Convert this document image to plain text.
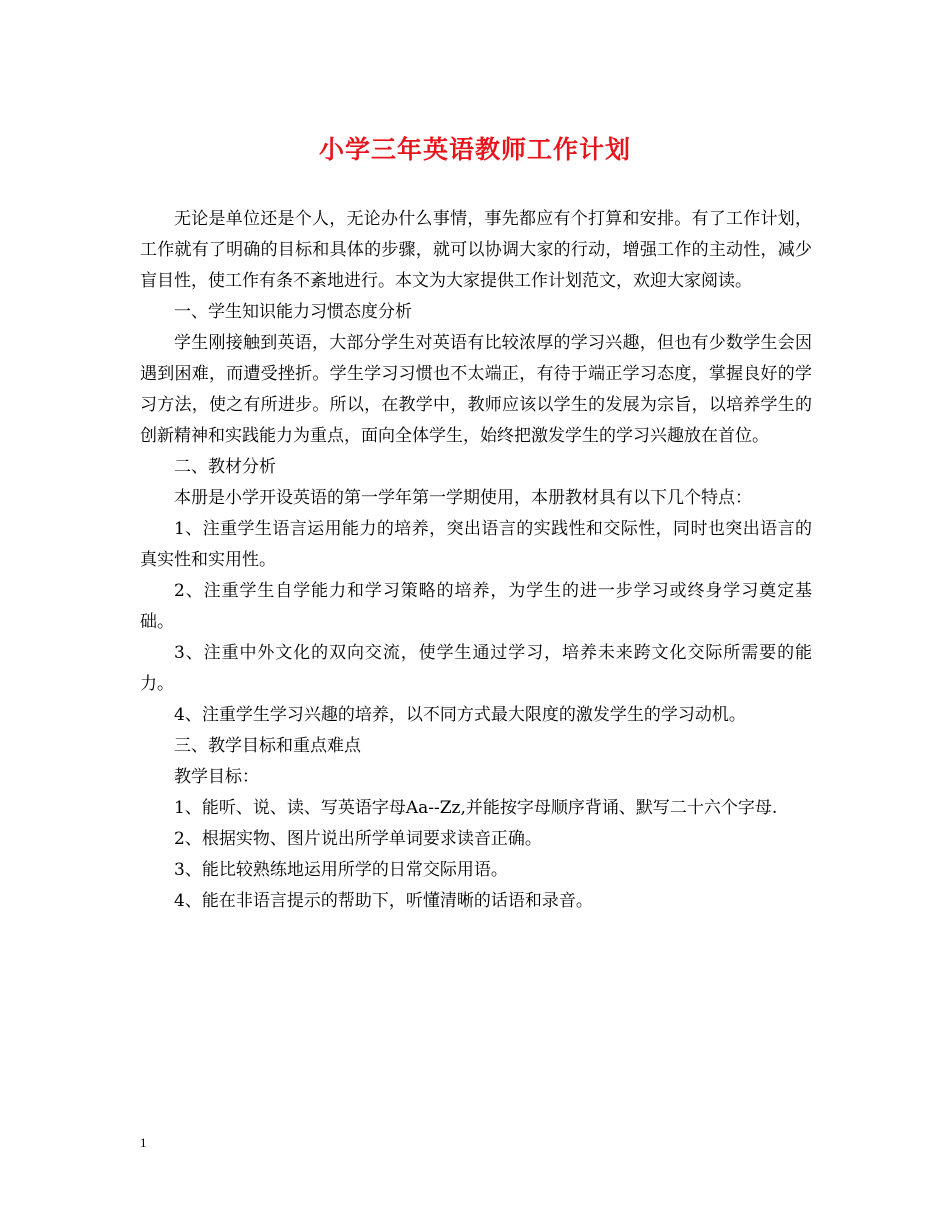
小学三年英语教师工作计划

无论是单位还是个人，无论办什么事情，事先都应有个打算和安排。有了工作计划，工作就有了明确的目标和具体的步骤，就可以协调大家的行动，增强工作的主动性，减少盲目性，使工作有条不紊地进行。本文为大家提供工作计划范文，欢迎大家阅读。

一、学生知识能力习惯态度分析

学生刚接触到英语，大部分学生对英语有比较浓厚的学习兴趣，但也有少数学生会因遇到困难，而遭受挫折。学生学习习惯也不太端正，有待于端正学习态度，掌握良好的学习方法，使之有所进步。所以，在教学中，教师应该以学生的发展为宗旨，以培养学生的创新精神和实践能力为重点，面向全体学生，始终把激发学生的学习兴趣放在首位。

二、教材分析

本册是小学开设英语的第一学年第一学期使用，本册教材具有以下几个特点：

1、注重学生语言运用能力的培养，突出语言的实践性和交际性，同时也突出语言的真实性和实用性。

2、注重学生自学能力和学习策略的培养，为学生的进一步学习或终身学习奠定基础。

3、注重中外文化的双向交流，使学生通过学习，培养未来跨文化交际所需要的能力。

4、注重学生学习兴趣的培养，以不同方式最大限度的激发学生的学习动机。

三、教学目标和重点难点

教学目标：

1、能听、说、读、写英语字母Aa--Zz,并能按字母顺序背诵、默写二十六个字母.

2、根据实物、图片说出所学单词要求读音正确。

3、能比较熟练地运用所学的日常交际用语。

4、能在非语言提示的帮助下，听懂清晰的话语和录音。

1
